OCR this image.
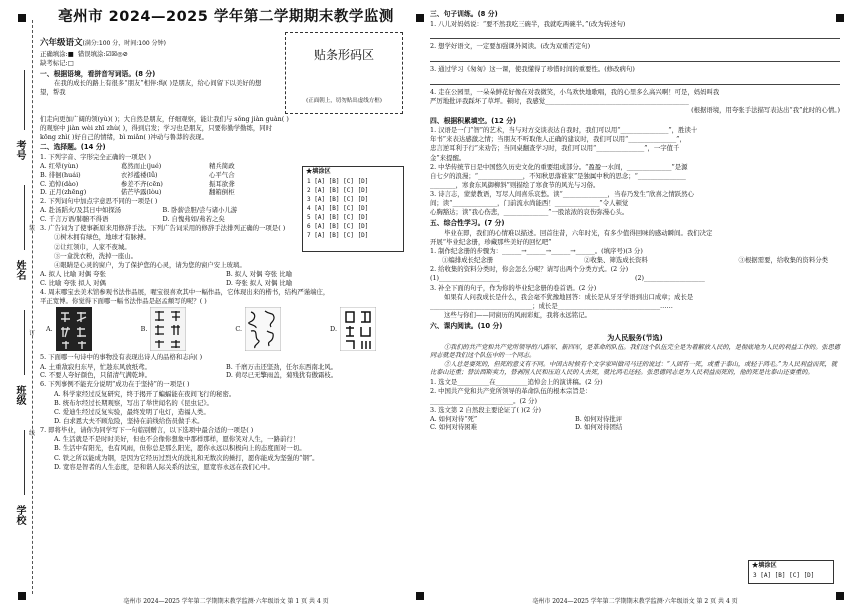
考号
姓名
班级
学校
装
订
线
亳州市 2024—2025 学年第二学期期末教学监测
六年级语文(满分:100 分，时间:100 分钟)
正确填涂:■ 错误填涂:☑☒◎⊘
缺考标记:□
一、根据语境，看拼音写词语。(8 分)
在我的成长的路上有很多“朋友”相伴:绚( )是朋友，给心间留下以美好的想望，帮我
贴条形码区
(正面朝上，切勿贴出虚线方框)
们走向更加广阔的领(yù)( )；大自然是朋友，仔细观察，能让我们与 sǒng jiàn guàn( )
的观察中 jiàn wèi zhī zhù( )，得到启发；学习也是朋友，只要你勤学勤练，同时
kōng zhì( )好自己的情绪，bì miǎn( )冲动与鲁莽的表现。
二、选择题。(14 分)
1. 下列字音、字形完全正确的一项是( )
A. 红晕(yùn)	葛然而止(jué)	精兵简政
B. 徘徊(huái)	衣衫褴褛(lǚ)	心平气合
C. 追悼(dào)	参差不齐(cēn)	振耳欲聋
D. 正月(zhēng)	偌芒毕露(lòu)	翻箱倒柜
2. 下列词句中加点字意思不同的一项是( )
A. 赴汤蹈火/及其日中如探汤	B. 卧薪尝胆/尝与诸小儿游
C. 千言万语/肺腑不得语	D. 自愧弗如/弗若之矣
3. 广告词为了使事新原来用修辞手法。下列广告词采用的修辞手法排列正确的一项是( )
①树木拥有绿色，地球才有脉搏。
②让红领巾，人家不夜城。
③一盒洗衣粉，洗掉一座山。
④眼睛是心灵的窗户，为了保护您的心灵，请为您的窗户安上玻璃。
A. 拟人 比喻 对偶 夸张	B. 拟人 对偶 夸张 比喻
C. 比喻 夸张 拟人 对偶	D. 夸张 拟人 对偶 比喻
4. 周末哪宝去美术馆参观书法作品展，喔宝很喜欢其中一幅作品，它体现出来的楷书，结构严谨端庄，
平正宽博。你觉得下面哪一幅书法作品是赵孟頫写的呢？( )
A.	B.	C.	D.
5. 下面哪一句诗中的事物没有表现出诗人的品格和志向( )
A. 土重敌寂归东早，忙趁东风放纸鸢。	B. 千磨万击还坚劲，任尔东西南北风。
C. 不要人夸好颜色，只留清气满乾坤。	D. 荷尽已无擎雨盖，菊残犹有傲霜枝。
6. 下列事例不能充分说明“成功在于坚持”的一项是( )
A. 科学家经过反复研究，终于揭开了蝙蝠能在夜间飞行的秘密。
B. 统布尔经过长期观察，写出了举世闻名的《昆虫记》。
C. 爱迪生经过反复实验，最终发明了电灯，造福人类。
D. 白求恩大夫不顾危险，坚持在前线给伤员做手术。
7. 即将毕业，请你为同学写下一句临别赠言，以下选项中最合适的一项是( )
A. 生活就是不是时时美好，但也不会像你想象中那样那样，愿你笑对人生，一路前行！
B. 生活中有阳光，也有风雨，但你总是那么阳光，愿你永远以积极向上的态度面对一切。
C. 铁之所以能成为钢，是因为它经历过烈火的洗礼和无数次的捶打，愿你能成为坚强的“钢”。
D. 宽容是智者的人生态度，是和谐人际关系的法宝，愿宽容永远在我们心中。
★填涂区
1 [A] [B] [C] [D]
2 [A] [B] [C] [D]
3 [A] [B] [C] [D]
4 [A] [B] [C] [D]
5 [A] [B] [C] [D]
6 [A] [B] [C] [D]
7 [A] [B] [C] [D]
亳州市 2024—2025 学年第二学期期末教学监测·六年级语文 第 1 页 共 4 页
三、句子训练。(8 分)
1. 八儿对妈妈说：“要不然我吃三碗半，我就吃两碗半。”(改为转述句)
2. 想学好语文，一定要加强课外阅读。(改为双重否定句)
3. 通过学习《匆匆》这一课，使我懂得了珍惜时间的重要性。(修改病句)
4. 走在公园里，一朵朵鲜花好像在对我微笑，小鸟欢快地歌唱，我的心里多么高兴啊！可是，妈妈叫我
严厉地批评我踩坏了草坪。顿时，我感觉_____________________________________________
(根据语境，用夸张手法描写表达出“我”此时的心情。)
四、根据积累填空。(12 分)
1. 汉语是一门“智”的艺术，当与对方交谈表达自我时，我们可以用“_______________”，胜读十
年书”来表达感激之情；当朋友不听取他人正确的建议时，我们可以用“_______________”，
忠言逆耳利于行”来劝告；当同桌翻查学习时，我们可以用“_______________”，一字值千
金”来提醒。
2. 中华传统节日是中国悠久历史文化的重要组成部分。“盈盈一水间，______________”是源
自七夕的浪漫；“______________，不知秋思落谁家”是独属中秋的思念；“_______________
________，寒食东风御柳斜”则描绘了寒食节的风光与习俗。
3. 诗言志，蒙蒙教语，写尽人间喜乐哀愁。读“______________，当春乃发生”欣喜之情跃然心
间；读“______________，门前流水尚能西！______________”令人顿觉
心胸豁达；读“我心伤悲，______________”一股浓浓的哀伤弥漫心头。
五、综合性学习。(7 分)
毕业在即，我们的心情难以描述。回首往昔，六年时光，有多少值得回味的感动瞬间。我们决定
开展“毕业纪念册，珍藏那些美好的回忆吧”
1. 制作纪念册的步骤为：______→______→______→______。(填序号)(3 分)
①编排成长纪念册	②收集、筛选成长资料	③根据需要，给收集的资料分类
2. 给收集的资料分类时，你会怎么分呢？请写出两个分类方式。(2 分)
(1)___________________	(2)___________________
3. 补全下面的句子，作为你的毕业纪念册的卷首语。(2 分)
如果有人问我成长是什么，我会毫不犹豫地回答：成长是从牙牙学语到出口成章；成长是
________________________________；成长是________________________________……
这些与你们——同窗历的风雨彩虹，我将永远铭记。
六、课内阅读。(10 分)
为人民服务(节选)
①我们的共产党和共产党所领导的八路军、新四军，是革命的队伍。我们这个队伍完全是为着解放人民的，是彻底地为人民的利益工作的。张思德同志就是我们这个队伍中的一个同志。
②人总是要死的，但死的意义有不同。中国古时候有个文学家叫做司马迁的说过：“人固有一死，或重于泰山，或轻于鸿毛。”为人民利益而死，就比泰山还重；替法西斯卖力，替剥削人民和压迫人民的人去死，就比鸿毛还轻。张思德同志是为人民利益而死的，他的死是比泰山还要重的。
1. 选文是__________在__________追悼会上的演讲稿。(2 分)
2. 中国共产党和共产党所领导的革命队伍的根本宗旨是：
__________________________。(2 分)
3. 选文第 2 自然段主要论证了( )(2 分)
A. 如何对待“死”	B. 如何对待批评
C. 如何对待困难	D. 如何对待团结
★填涂区
3 [A] [B] [C] [D]
亳州市 2024—2025 学年第二学期期末教学监测·六年级语文 第 2 页 共 4 页
